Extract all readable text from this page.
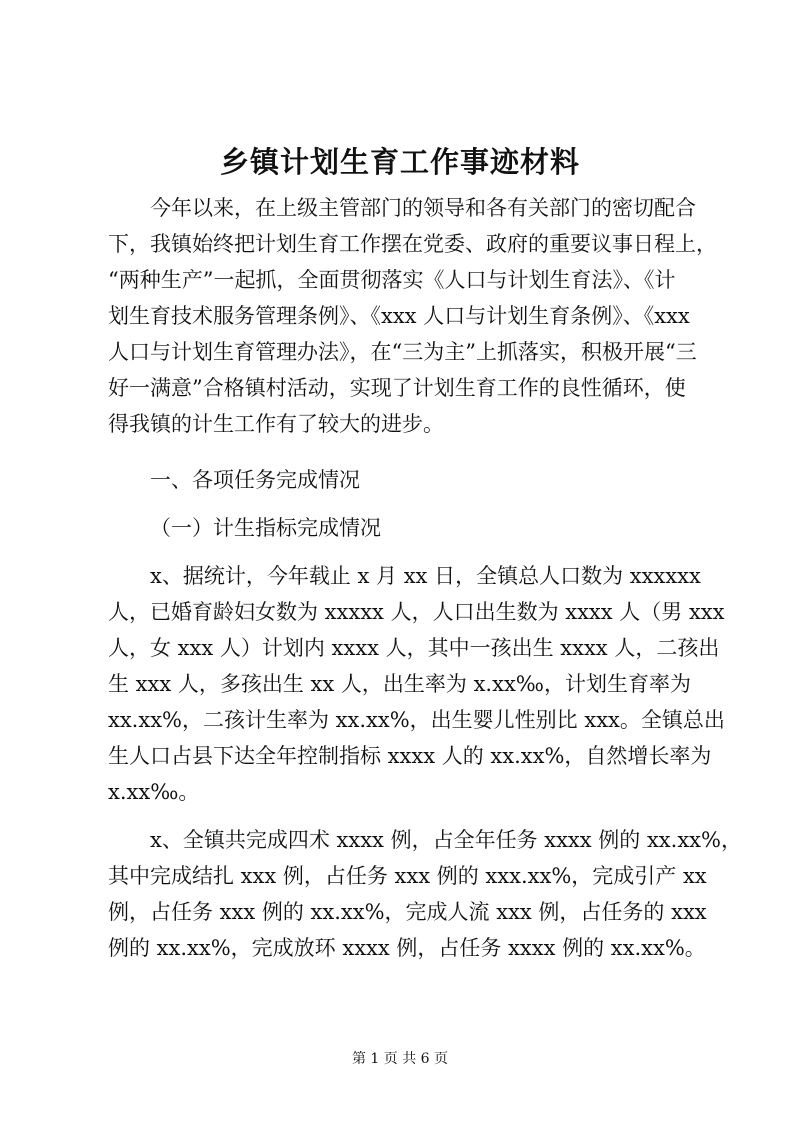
乡镇计划生育工作事迹材料
今年以来，在上级主管部门的领导和各有关部门的密切配合
下，我镇始终把计划生育工作摆在党委、政府的重要议事日程上，
“两种生产”一起抓，全面贯彻落实《人口与计划生育法》、《计
划生育技术服务管理条例》、《xxx 人口与计划生育条例》、《xxx
人口与计划生育管理办法》，在“三为主”上抓落实，积极开展“三
好一满意”合格镇村活动，实现了计划生育工作的良性循环，使
得我镇的计生工作有了较大的进步。
一、各项任务完成情况
（一）计生指标完成情况
x、据统计，今年载止 x 月 xx 日，全镇总人口数为 xxxxxx
人，已婚育龄妇女数为 xxxxx 人，人口出生数为 xxxx 人（男 xxx
人，女 xxx 人）计划内 xxxx 人，其中一孩出生 xxxx 人，二孩出
生 xxx 人，多孩出生 xx 人，出生率为 x.xx‰，计划生育率为
xx.xx%，二孩计生率为 xx.xx%，出生婴儿性别比 xxx。全镇总出
生人口占县下达全年控制指标 xxxx 人的 xx.xx%，自然增长率为
x.xx‰。
x、全镇共完成四术 xxxx 例，占全年任务 xxxx 例的 xx.xx%，
其中完成结扎 xxx 例，占任务 xxx 例的 xxx.xx%，完成引产 xx
例，占任务 xxx 例的 xx.xx%，完成人流 xxx 例，占任务的 xxx
例的 xx.xx%，完成放环 xxxx 例，占任务 xxxx 例的 xx.xx%。
第 1 页 共 6 页
